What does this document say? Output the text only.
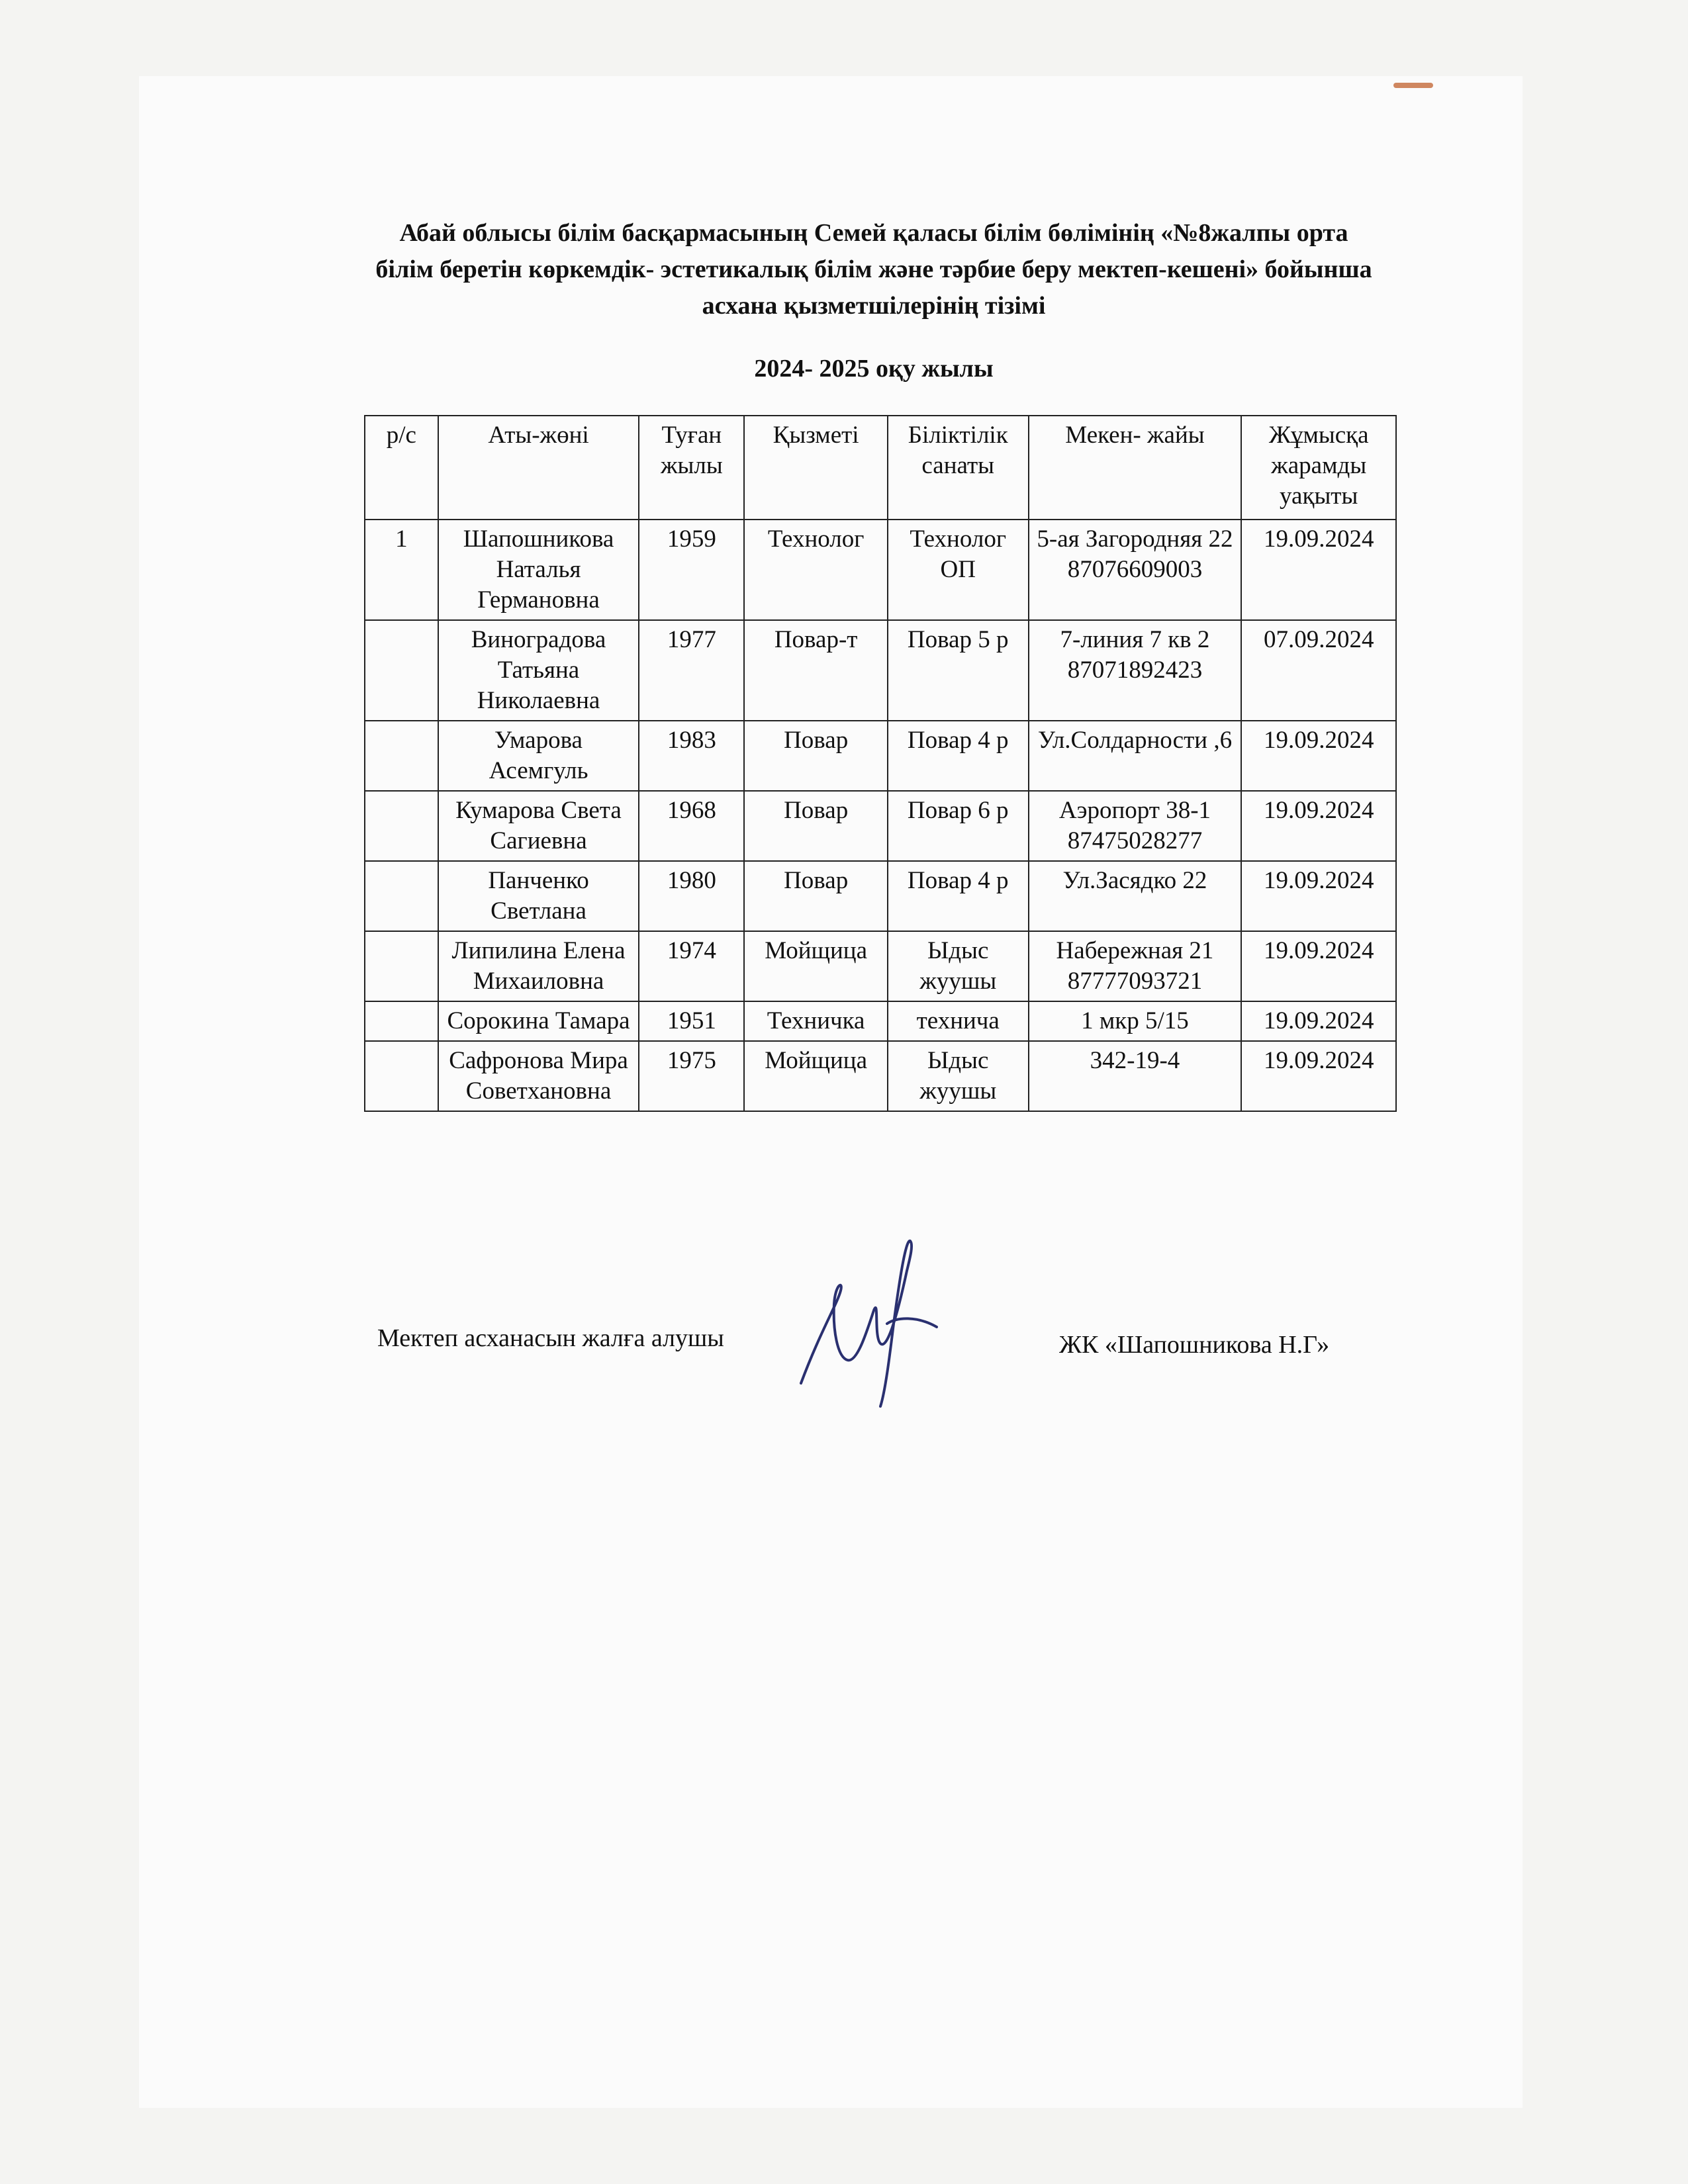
Абай облысы білім басқармасының Семей қаласы білім бөлімінің «№8жалпы орта білім беретін көркемдік- эстетикалық білім және тәрбие беру мектеп-кешені» бойынша асхана қызметшілерінің тізімі
2024- 2025 оқу жылы
р/с	Аты-жөні	Туған жылы	Қызметі	Біліктілік санаты	Мекен- жайы	Жұмысқа жарамды уақыты
1	Шапошникова Наталья Германовна	1959	Технолог	Технолог ОП	5-ая Загородняя 22 87076609003	19.09.2024
	Виноградова Татьяна Николаевна	1977	Повар-т	Повар 5 р	7-линия 7 кв 2 87071892423	07.09.2024
	Умарова Асемгуль	1983	Повар	Повар 4 р	Ул.Солдарности ,6	19.09.2024
	Кумарова Света Сагиевна	1968	Повар	Повар 6 р	Аэропорт 38-1 87475028277	19.09.2024
	Панченко Светлана	1980	Повар	Повар 4 р	Ул.Засядко 22	19.09.2024
	Липилина Елена Михаиловна	1974	Мойщица	Ыдыс жуушы	Набережная 21 87777093721	19.09.2024
	Сорокина Тамара	1951	Техничка	технича	1 мкр 5/15	19.09.2024
	Сафронова Мира Советхановна	1975	Мойщица	Ыдыс жуушы	342-19-4	19.09.2024
Мектеп асханасын жалға алушы	ЖК «Шапошникова Н.Г»
